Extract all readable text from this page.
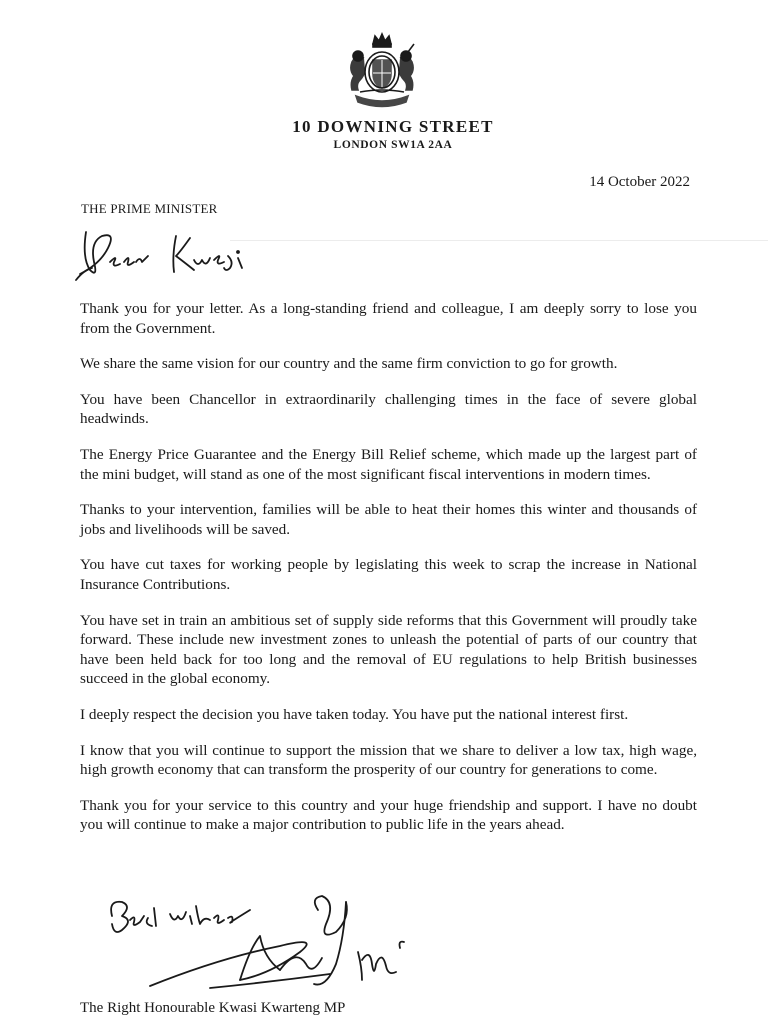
10 DOWNING STREET
LONDON SW1A 2AA
14 October 2022
THE PRIME MINISTER

Thank you for your letter. As a long-standing friend and colleague, I am deeply sorry to lose you from the Government.

We share the same vision for our country and the same firm conviction to go for growth.

You have been Chancellor in extraordinarily challenging times in the face of severe global headwinds.

The Energy Price Guarantee and the Energy Bill Relief scheme, which made up the largest part of the mini budget, will stand as one of the most significant fiscal interventions in modern times.

Thanks to your intervention, families will be able to heat their homes this winter and thousands of jobs and livelihoods will be saved.

You have cut taxes for working people by legislating this week to scrap the increase in National Insurance Contributions.

You have set in train an ambitious set of supply side reforms that this Government will proudly take forward. These include new investment zones to unleash the potential of parts of our country that have been held back for too long and the removal of EU regulations to help British businesses succeed in the global economy.

I deeply respect the decision you have taken today. You have put the national interest first.

I know that you will continue to support the mission that we share to deliver a low tax, high wage, high growth economy that can transform the prosperity of our country for generations to come.

Thank you for your service to this country and your huge friendship and support. I have no doubt you will continue to make a major contribution to public life in the years ahead.

The Right Honourable Kwasi Kwarteng MP
